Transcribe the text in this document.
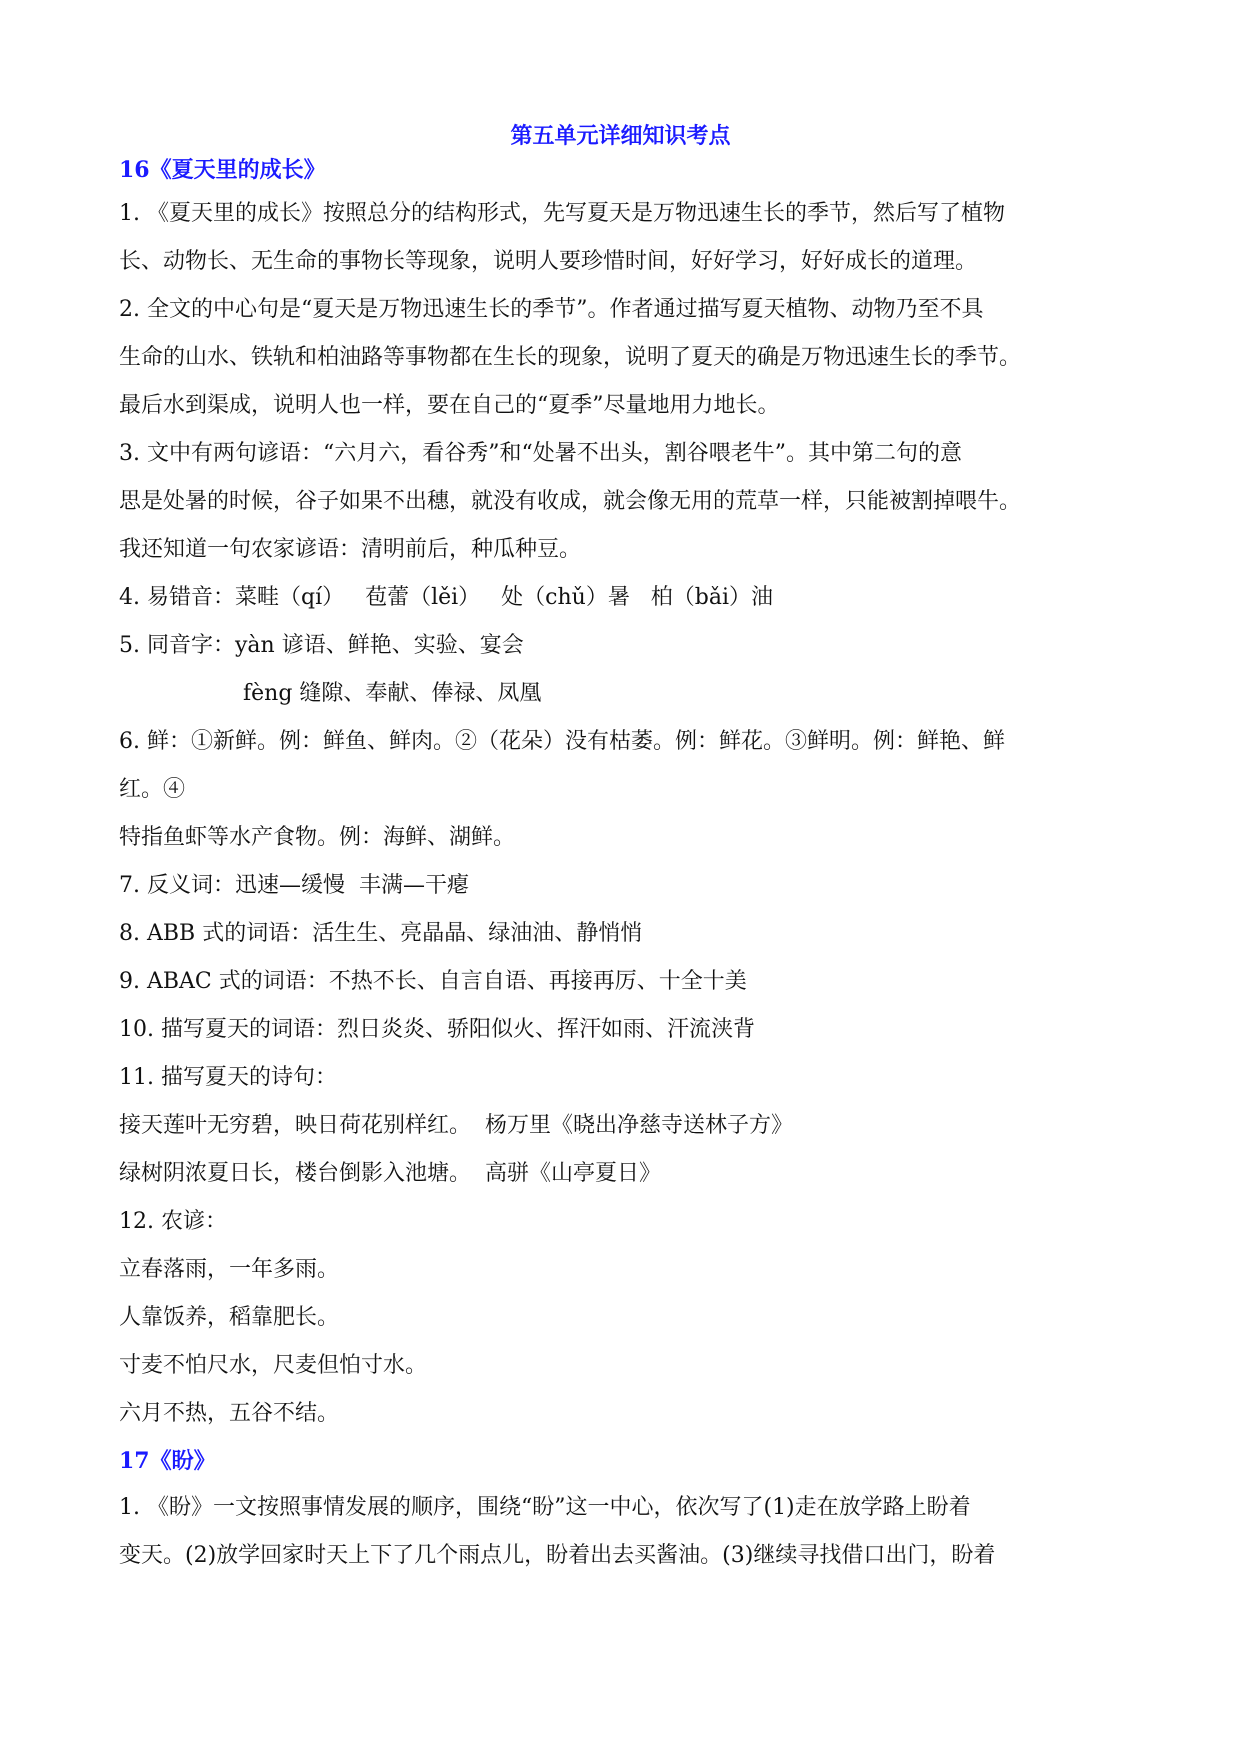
第五单元详细知识考点
16《夏天里的成长》
1. 《夏天里的成长》按照总分的结构形式，先写夏天是万物迅速生长的季节，然后写了植物
长、动物长、无生命的事物长等现象，说明人要珍惜时间，好好学习，好好成长的道理。
2. 全文的中心句是“夏天是万物迅速生长的季节”。作者通过描写夏天植物、动物乃至不具
生命的山水、铁轨和柏油路等事物都在生长的现象，说明了夏天的确是万物迅速生长的季节。
最后水到渠成，说明人也一样，要在自己的“夏季”尽量地用力地长。
3. 文中有两句谚语：“六月六，看谷秀”和“处暑不出头，割谷喂老牛”。其中第二句的意
思是处暑的时候，谷子如果不出穗，就没有收成，就会像无用的荒草一样，只能被割掉喂牛。
我还知道一句农家谚语：清明前后，种瓜种豆。
4. 易错音：菜畦（qí）   苞蕾（lěi）   处（chǔ）暑   柏（bǎi）油
5. 同音字：yàn 谚语、鲜艳、实验、宴会
fèng 缝隙、奉献、俸禄、凤凰
6. 鲜：①新鲜。例：鲜鱼、鲜肉。②（花朵）没有枯萎。例：鲜花。③鲜明。例：鲜艳、鲜
红。④
特指鱼虾等水产食物。例：海鲜、湖鲜。
7. 反义词：迅速—缓慢  丰满—干瘪
8. ABB 式的词语：活生生、亮晶晶、绿油油、静悄悄
9. ABAC 式的词语：不热不长、自言自语、再接再厉、十全十美
10. 描写夏天的词语：烈日炎炎、骄阳似火、挥汗如雨、汗流浃背
11. 描写夏天的诗句：
接天莲叶无穷碧，映日荷花别样红。  杨万里《晓出净慈寺送林子方》
绿树阴浓夏日长，楼台倒影入池塘。  高骈《山亭夏日》
12. 农谚：
立春落雨，一年多雨。
人靠饭养，稻靠肥长。
寸麦不怕尺水，尺麦但怕寸水。
六月不热，五谷不结。
17《盼》
1. 《盼》一文按照事情发展的顺序，围绕“盼”这一中心，依次写了(1)走在放学路上盼着
变天。(2)放学回家时天上下了几个雨点儿，盼着出去买酱油。(3)继续寻找借口出门，盼着
